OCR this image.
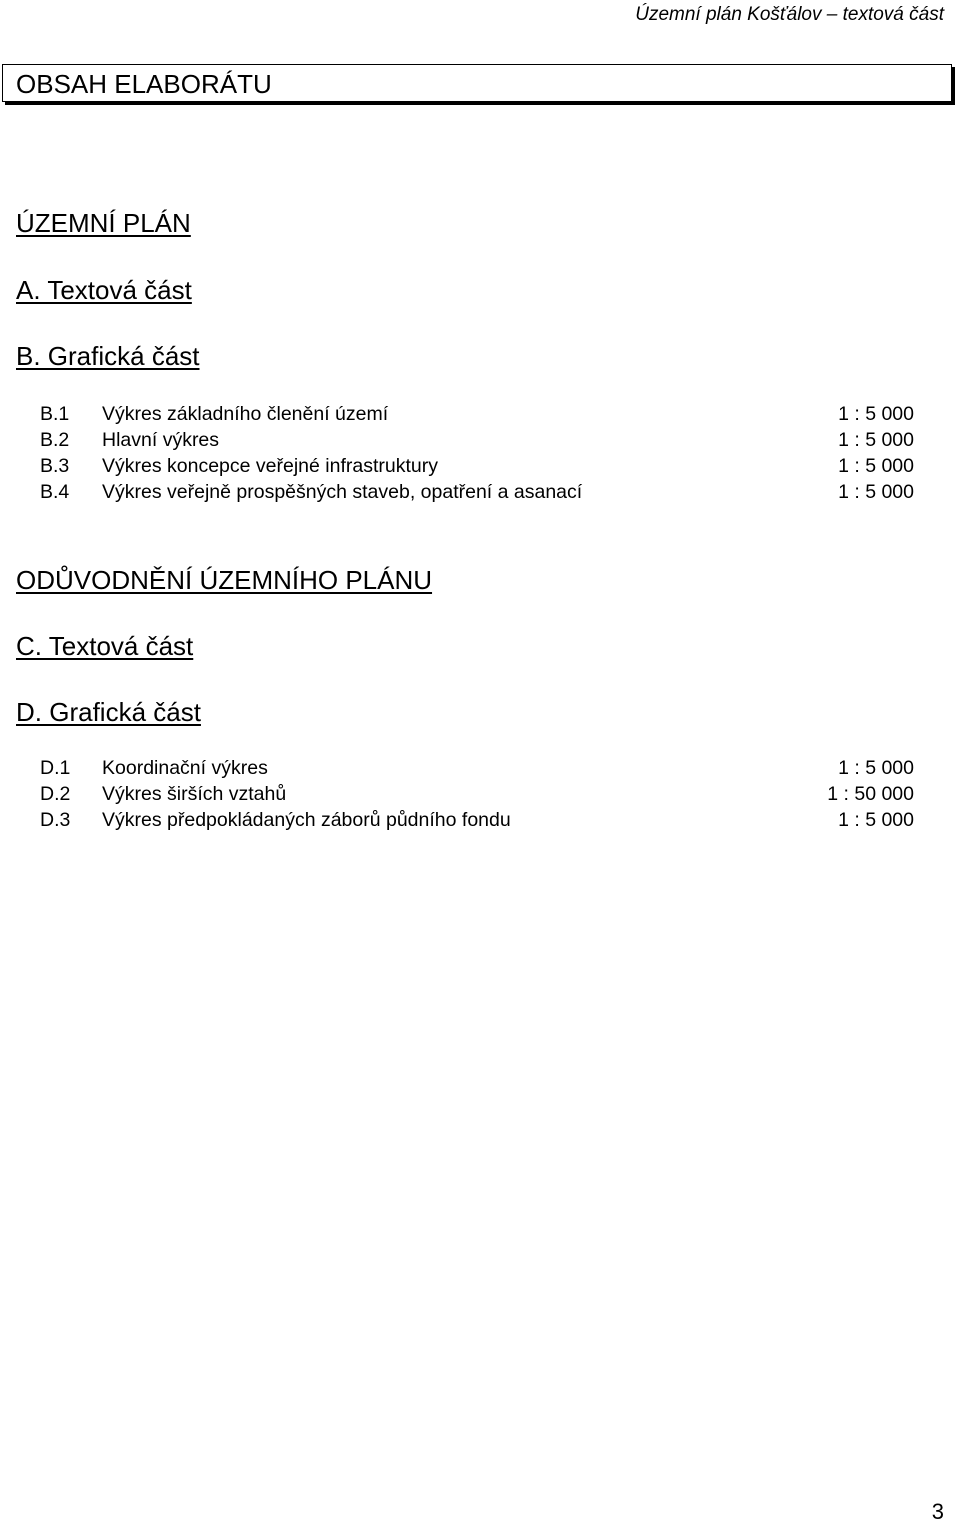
Územní plán Košťálov – textová část
OBSAH ELABORÁTU
ÚZEMNÍ PLÁN
A. Textová část
B. Grafická část
B.1 Výkres základního členění území	1 : 5 000
B.2 Hlavní výkres	1 : 5 000
B.3 Výkres koncepce veřejné infrastruktury	1 : 5 000
B.4 Výkres veřejně prospěšných staveb, opatření a asanací	1 : 5 000
ODŮVODNĚNÍ ÚZEMNÍHO PLÁNU
C. Textová část
D. Grafická část
D.1 Koordinační výkres	1 : 5 000
D.2 Výkres širších vztahů	1 : 50 000
D.3 Výkres předpokládaných záborů půdního fondu	1 : 5 000
3
